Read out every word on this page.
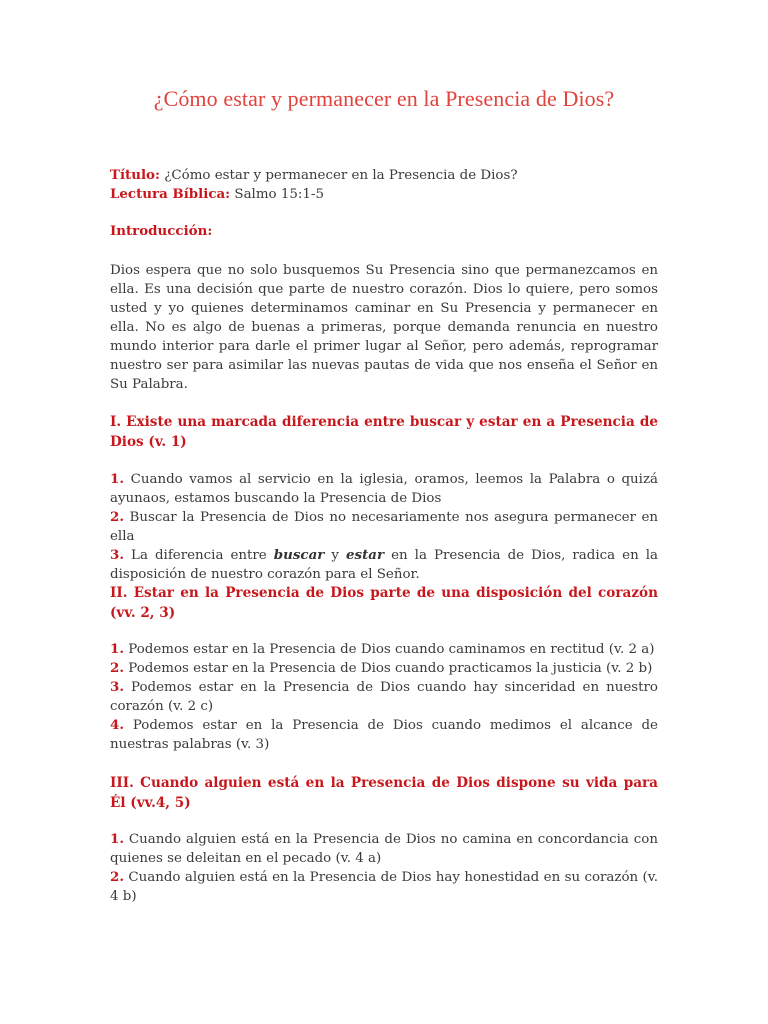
¿Cómo estar y permanecer en la Presencia de Dios?
Título: ¿Cómo estar y permanecer en la Presencia de Dios?
Lectura Bíblica: Salmo 15:1-5
Introducción:
Dios espera que no solo busquemos Su Presencia sino que permanezcamos en ella. Es una decisión que parte de nuestro corazón. Dios lo quiere, pero somos usted y yo quienes determinamos caminar en Su Presencia y permanecer en ella. No es algo de buenas a primeras, porque demanda renuncia en nuestro mundo interior para darle el primer lugar al Señor, pero además, reprogramar nuestro ser para asimilar las nuevas pautas de vida que nos enseña el Señor en Su Palabra.
I. Existe una marcada diferencia entre buscar y estar en a Presencia de Dios (v. 1)

1. Cuando vamos al servicio en la iglesia, oramos, leemos la Palabra o quizá ayunaos, estamos buscando la Presencia de Dios

2. Buscar la Presencia de Dios no necesariamente nos asegura permanecer en ella

3. La diferencia entre buscar y estar en la Presencia de Dios, radica en la disposición de nuestro corazón para el Señor.

II. Estar en la Presencia de Dios parte de una disposición del corazón (vv. 2, 3)

1. Podemos estar en la Presencia de Dios cuando caminamos en rectitud (v. 2 a)

2. Podemos estar en la Presencia de Dios cuando practicamos la justicia (v. 2 b)

3. Podemos estar en la Presencia de Dios cuando hay sinceridad en nuestro corazón (v. 2 c)

4. Podemos estar en la Presencia de Dios cuando medimos el alcance de nuestras palabras (v. 3)

III. Cuando alguien está en la Presencia de Dios dispone su vida para Él (vv.4, 5)

1. Cuando alguien está en la Presencia de Dios no camina en concordancia con quienes se deleitan en el pecado (v. 4 a)

2. Cuando alguien está en la Presencia de Dios hay honestidad en su corazón (v. 4 b)
